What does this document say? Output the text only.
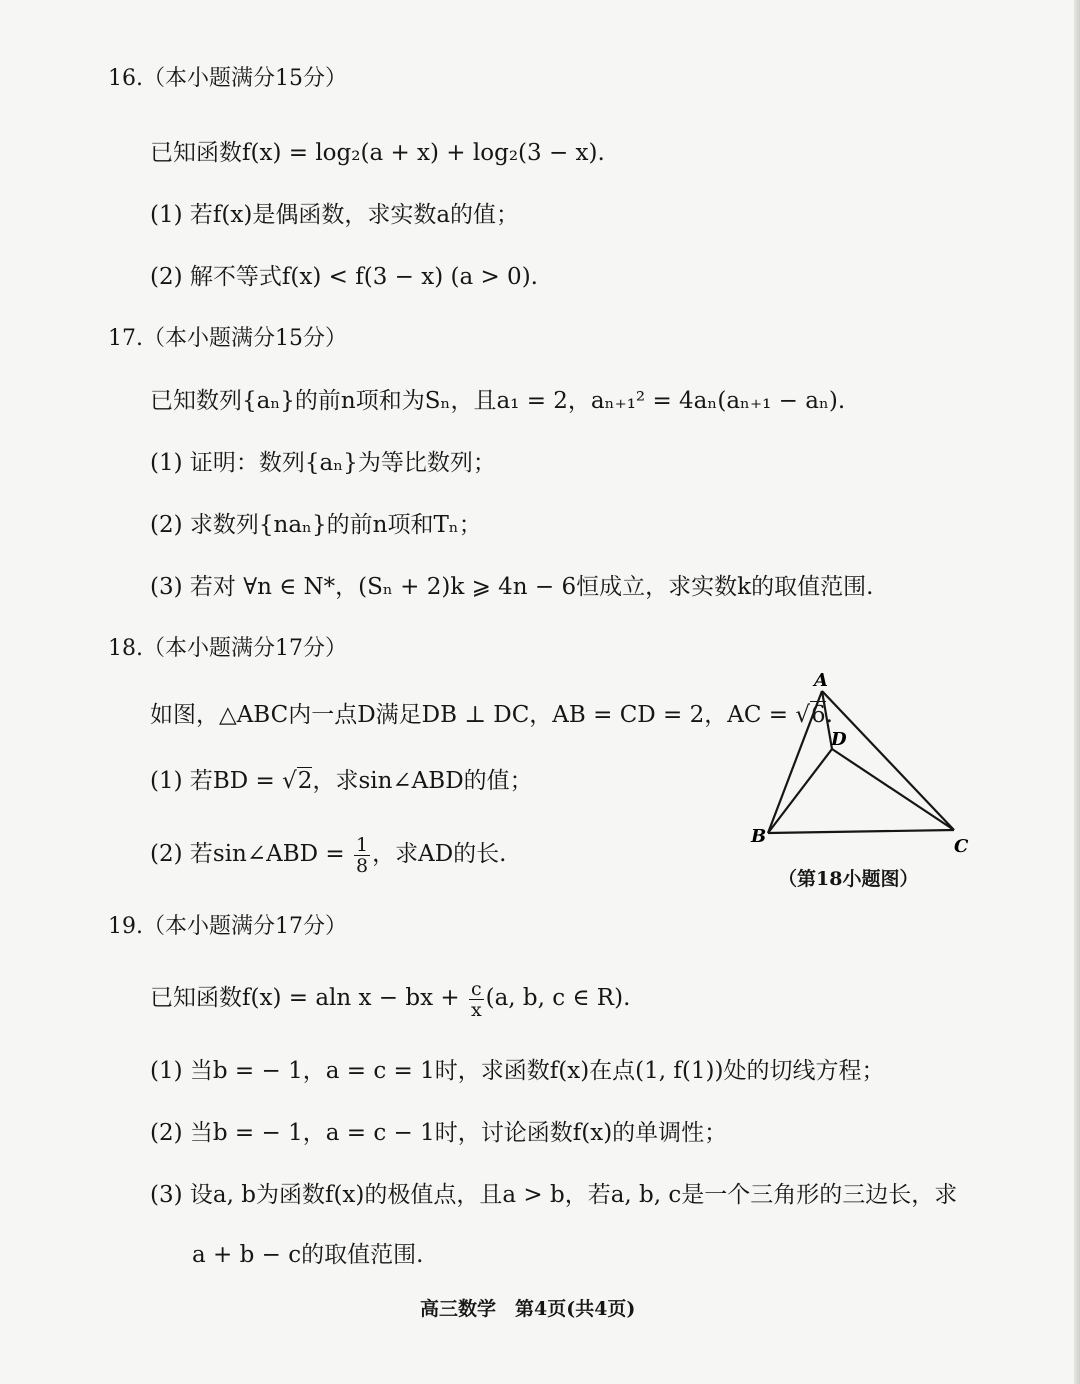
16.（本小题满分15分）
已知函数f(x) = log₂(a + x) + log₂(3 − x).
(1) 若f(x)是偶函数，求实数a的值；
(2) 解不等式f(x) < f(3 − x) (a > 0).
17.（本小题满分15分）
已知数列{aₙ}的前n项和为Sₙ，且a₁ = 2，aₙ₊₁² = 4aₙ(aₙ₊₁ − aₙ).
(1) 证明：数列{aₙ}为等比数列；
(2) 求数列{naₙ}的前n项和Tₙ；
(3) 若对 ∀n ∈ N*，(Sₙ + 2)k ⩾ 4n − 6恒成立，求实数k的取值范围.
18.（本小题满分17分）
如图，△ABC内一点D满足DB ⊥ DC，AB = CD = 2，AC = √6.
(1) 若BD = √2，求sin∠ABD的值；
(2) 若sin∠ABD = $\frac{1}{8}$ ，求AD的长.
A
B	C
D
（第18小题图）
19.（本小题满分17分）
已知函数f(x) = aln x − bx + $\frac{c}{x} (a$, b, c ∈ R).
(1) 当b = − 1，a = c = 1时，求函数f(x)在点(1, f(1))处的切线方程；
(2) 当b = − 1，a = c − 1时，讨论函数f(x)的单调性；
(3) 设a, b为函数f(x)的极值点，且a > b，若a, b, c是一个三角形的三边长，求
a + b − c的取值范围.
高三数学　第4页(共4页)
